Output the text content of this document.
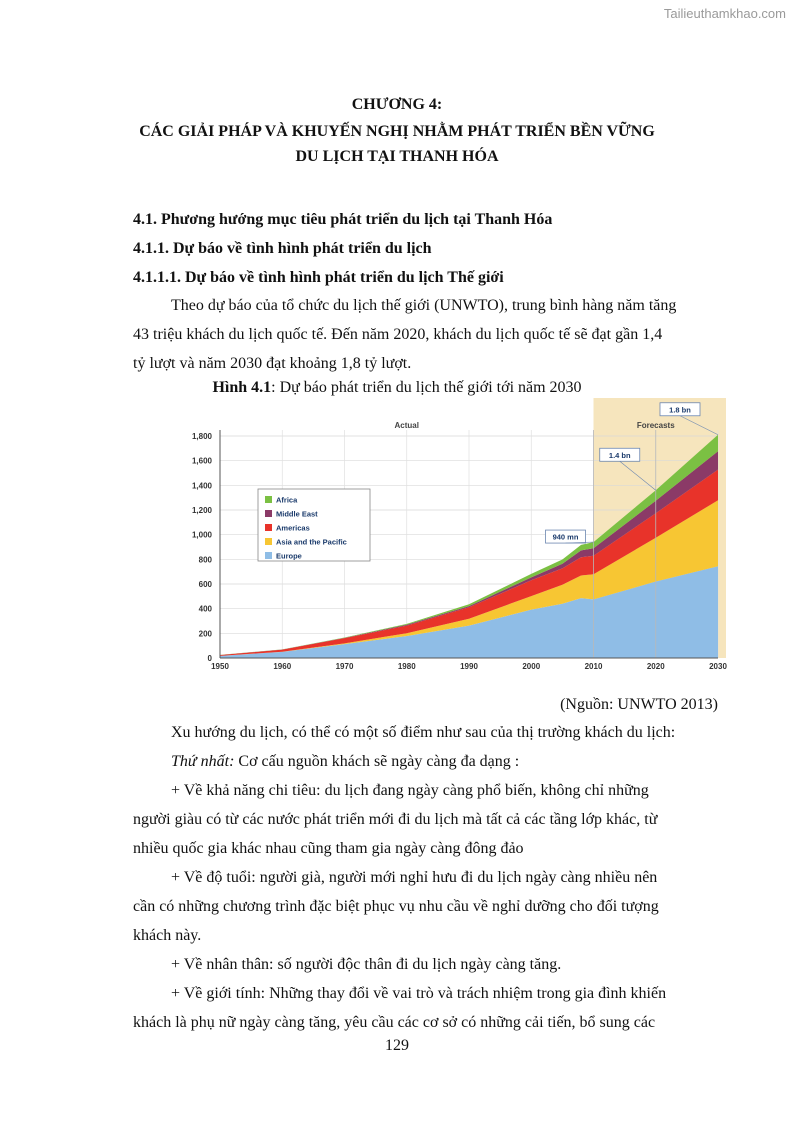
Tailieuthamkhao.com
CHƯƠNG 4:
CÁC GIẢI PHÁP VÀ KHUYẾN NGHỊ NHẰM PHÁT TRIỂN BỀN VỮNG
DU LỊCH TẠI THANH HÓA
4.1. Phương hướng mục tiêu phát triển du lịch tại Thanh Hóa
4.1.1. Dự báo về tình hình phát triển du lịch
4.1.1.1. Dự báo về tình hình phát triển du lịch Thế giới
Theo dự báo của tổ chức du lịch thế giới (UNWTO), trung bình hàng năm tăng
43 triệu khách du lịch quốc tế. Đến năm 2020, khách du lịch quốc tế sẽ đạt gần 1,4
tỷ lượt và năm 2030 đạt khoảng 1,8 tỷ lượt.
Hình 4.1: Dự báo phát triển du lịch thế giới tới năm 2030
0
200
400
600
800
1,000
1,200
1,400
1,600
1,800
1950	1960	1970	1980	1990	2000	2010	2020	2030
Actual	Forecasts
940 mn
1.4 bn
1.8 bn
Africa
Middle East
Americas
Asia and the Pacific
Europe
(Nguồn: UNWTO 2013)
Xu hướng du lịch, có thể có một số điểm như sau của thị trường khách du lịch:
Thứ nhất: Cơ cấu nguồn khách sẽ ngày càng đa dạng :
+ Về khả năng chi tiêu: du lịch đang ngày càng phổ biến, không chỉ những
người giàu có từ các nước phát triển mới đi du lịch mà tất cả các tầng lớp khác, từ
nhiều quốc gia khác nhau cũng tham gia ngày càng đông đảo
+ Về độ tuổi: người già, người mới nghỉ hưu đi du lịch ngày càng nhiều nên
cần có những chương trình đặc biệt phục vụ nhu cầu về nghỉ dưỡng cho đối tượng
khách này.
+ Về nhân thân: số người độc thân đi du lịch ngày càng tăng.
+ Về giới tính: Những thay đổi về vai trò và trách nhiệm trong gia đình khiến
khách là phụ nữ ngày càng tăng, yêu cầu các cơ sở có những cải tiến, bổ sung các
129
